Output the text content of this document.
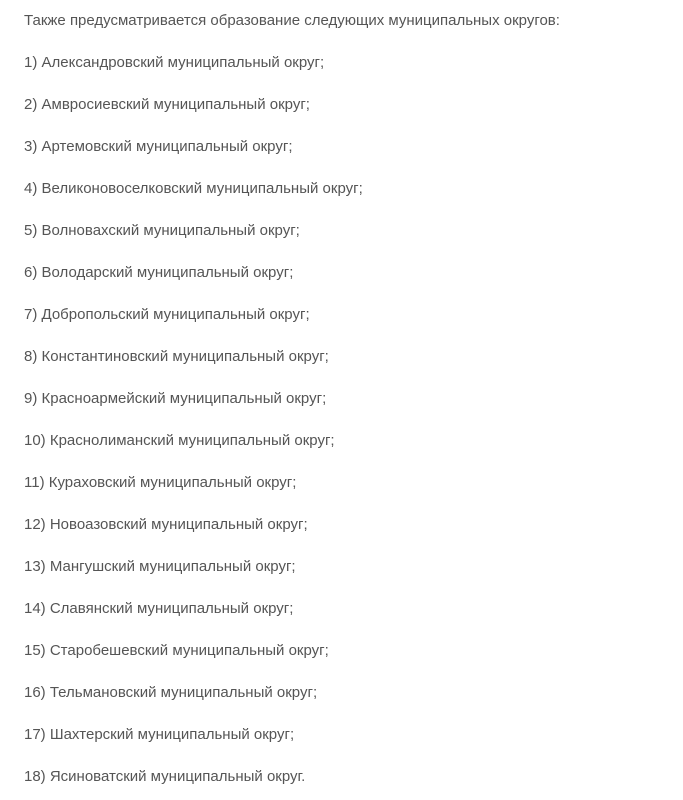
Также предусматривается образование следующих муниципальных округов:

1) Александровский муниципальный округ;
2) Амвросиевский муниципальный округ;
3) Артемовский муниципальный округ;
4) Великоновоселковский муниципальный округ;
5) Волновахский муниципальный округ;
6) Володарский муниципальный округ;
7) Добропольский муниципальный округ;
8) Константиновский муниципальный округ;
9) Красноармейский муниципальный округ;
10) Краснолиманский муниципальный округ;
11) Кураховский муниципальный округ;
12) Новоазовский муниципальный округ;
13) Мангушский муниципальный округ;
14) Славянский муниципальный округ;
15) Старобешевский муниципальный округ;
16) Тельмановский муниципальный округ;
17) Шахтерский муниципальный округ;
18) Ясиноватский муниципальный округ.
